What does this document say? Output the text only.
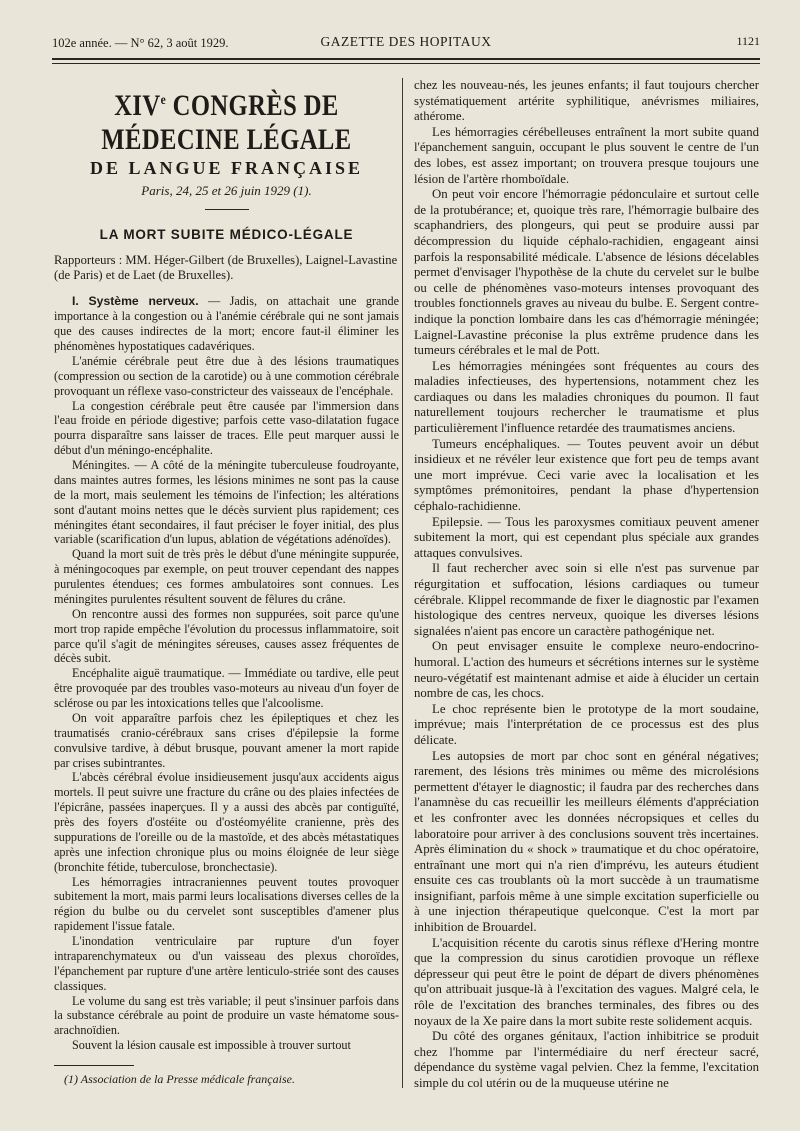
102e année. — N° 62, 3 août 1929.	GAZETTE DES HOPITAUX	1121
XIVe CONGRÈS DE MÉDECINE LÉGALE
DE LANGUE FRANÇAISE
Paris, 24, 25 et 26 juin 1929 (1).
LA MORT SUBITE MÉDICO-LÉGALE
Rapporteurs : MM. Héger-Gilbert (de Bruxelles), Laignel-Lavastine (de Paris) et de Laet (de Bruxelles).

I. Système nerveux. — Jadis, on attachait une grande importance à la congestion ou à l'anémie cérébrale qui ne sont jamais que des causes indirectes de la mort; encore faut-il éliminer les phénomènes hypostatiques cadavériques.

L'anémie cérébrale peut être due à des lésions traumatiques (compression ou section de la carotide) ou à une commotion cérébrale provoquant un réflexe vaso-constricteur des vaisseaux de l'encéphale.

La congestion cérébrale peut être causée par l'immersion dans l'eau froide en période digestive; parfois cette vaso-dilatation fugace pourra disparaître sans laisser de traces. Elle peut marquer aussi le début d'un méningo-encéphalite.

Méningites. — A côté de la méningite tuberculeuse foudroyante, dans maintes autres formes, les lésions minimes ne sont pas la cause de la mort, mais seulement les témoins de l'infection; les altérations sont d'autant moins nettes que le décès survient plus rapidement; ces méningites étant secondaires, il faut préciser le foyer initial, des plus variable (scarification d'un lupus, ablation de végétations adénoïdes).

Quand la mort suit de très près le début d'une méningite suppurée, à méningocoques par exemple, on peut trouver cependant des nappes purulentes étendues; ces formes ambulatoires sont connues. Les méningites purulentes résultent souvent de fêlures du crâne.

On rencontre aussi des formes non suppurées, soit parce qu'une mort trop rapide empêche l'évolution du processus inflammatoire, soit parce qu'il s'agit de méningites séreuses, causes assez fréquentes de décès subit.

Encéphalite aiguë traumatique. — Immédiate ou tardive, elle peut être provoquée par des troubles vaso-moteurs au niveau d'un foyer de sclérose ou par les intoxications telles que l'alcoolisme.

On voit apparaître parfois chez les épileptiques et chez les traumatisés cranio-cérébraux sans crises d'épilepsie la forme convulsive tardive, à début brusque, pouvant amener la mort rapide par crises subintrantes.

L'abcès cérébral évolue insidieusement jusqu'aux accidents aigus mortels. Il peut suivre une fracture du crâne ou des plaies infectées de l'épicrâne, passées inaperçues. Il y a aussi des abcès par contiguïté, près des foyers d'ostéite ou d'ostéomyélite cranienne, près des suppurations de l'oreille ou de la mastoïde, et des abcès métastatiques après une infection chronique plus ou moins éloignée de leur siège (bronchite fétide, tuberculose, bronchectasie).

Les hémorragies intracraniennes peuvent toutes provoquer subitement la mort, mais parmi leurs localisations diverses celles de la région du bulbe ou du cervelet sont susceptibles d'amener plus rapidement l'issue fatale.

L'inondation ventriculaire par rupture d'un foyer intraparenchymateux ou d'un vaisseau des plexus choroïdes, l'épanchement par rupture d'une artère lenticulo-striée sont des causes classiques.

Le volume du sang est très variable; il peut s'insinuer parfois dans la substance cérébrale au point de produire un vaste hématome sous-arachnoïdien.

Souvent la lésion causale est impossible à trouver surtout

(1) Association de la Presse médicale française.

chez les nouveau-nés, les jeunes enfants; il faut toujours chercher systématiquement artérite syphilitique, anévrismes miliaires, athérome.

Les hémorragies cérébelleuses entraînent la mort subite quand l'épanchement sanguin, occupant le plus souvent le centre de l'un des lobes, est assez important; on trouvera presque toujours une lésion de l'artère rhomboïdale.

On peut voir encore l'hémorragie pédonculaire et surtout celle de la protubérance; et, quoique très rare, l'hémorragie bulbaire des scaphandriers, des plongeurs, qui peut se produire aussi par décompression du liquide céphalo-rachidien, engageant ainsi parfois la responsabilité médicale. L'absence de lésions décelables permet d'envisager l'hypothèse de la chute du cervelet sur le bulbe ou celle de phénomènes vaso-moteurs intenses provoquant des troubles fonctionnels graves au niveau du bulbe. E. Sergent contre-indique la ponction lombaire dans les cas d'hémorragie méningée; Laignel-Lavastine préconise la plus extrême prudence dans les tumeurs cérébrales et le mal de Pott.

Les hémorragies méningées sont fréquentes au cours des maladies infectieuses, des hypertensions, notamment chez les cardiaques ou dans les maladies chroniques du poumon. Il faut naturellement toujours rechercher le traumatisme et plus particulièrement l'influence retardée des traumatismes anciens.

Tumeurs encéphaliques. — Toutes peuvent avoir un début insidieux et ne révéler leur existence que fort peu de temps avant une mort imprévue. Ceci varie avec la localisation et les symptômes prémonitoires, pendant la phase d'hypertension céphalo-rachidienne.

Epilepsie. — Tous les paroxysmes comitiaux peuvent amener subitement la mort, qui est cependant plus spéciale aux grandes attaques convulsives.

Il faut rechercher avec soin si elle n'est pas survenue par régurgitation et suffocation, lésions cardiaques ou tumeur cérébrale. Klippel recommande de fixer le diagnostic par l'examen histologique des centres nerveux, quoique les diverses lésions signalées n'aient pas encore un caractère pathogénique net.

On peut envisager ensuite le complexe neuro-endocrino-humoral. L'action des humeurs et sécrétions internes sur le système neuro-végétatif est maintenant admise et aide à élucider un certain nombre de cas, les chocs.

Le choc représente bien le prototype de la mort soudaine, imprévue; mais l'interprétation de ce processus est des plus délicate.

Les autopsies de mort par choc sont en général négatives; rarement, des lésions très minimes ou même des microlésions permettent d'étayer le diagnostic; il faudra par des recherches dans l'anamnèse du cas recueillir les meilleurs éléments d'appréciation et les confronter avec les données nécropsiques et celles du laboratoire pour arriver à des conclusions souvent très incertaines. Après élimination du « shock » traumatique et du choc opératoire, entraînant une mort qui n'a rien d'imprévu, les auteurs étudient ensuite ces cas troublants où la mort succède à un traumatisme insignifiant, parfois même à une simple excitation superficielle ou à une injection thérapeutique quelconque. C'est la mort par inhibition de Brouardel.

L'acquisition récente du carotis sinus réflexe d'Hering montre que la compression du sinus carotidien provoque un réflexe dépresseur qui peut être le point de départ de divers phénomènes qu'on attribuait jusque-là à l'excitation des vagues. Malgré cela, le rôle de l'excitation des branches terminales, des fibres ou des noyaux de la Xe paire dans la mort subite reste solidement acquis.

Du côté des organes génitaux, l'action inhibitrice se produit chez l'homme par l'intermédiaire du nerf érecteur sacré, dépendance du système vagal pelvien. Chez la femme, l'excitation simple du col utérin ou de la muqueuse utérine ne
